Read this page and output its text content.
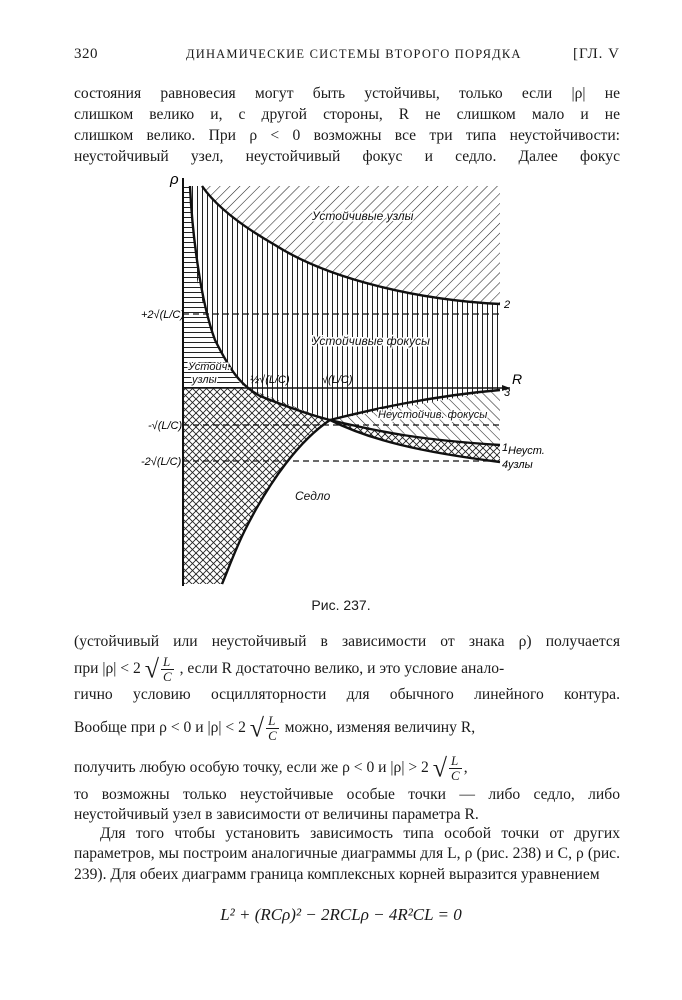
320	ДИНАМИЧЕСКИЕ СИСТЕМЫ ВТОРОГО ПОРЯДКА	[ГЛ. V
состояния равновесия могут быть устойчивы, только если |ρ| не
слишком велико и, с другой стороны, R не слишком мало и не
слишком велико. При ρ < 0 возможны все три типа неустойчивости:
неустойчивый узел, неустойчивый фокус и седло. Далее фокус
ρ
R
+2√(L/C)
-√(L/C)
-2√(L/C)
½√(L/C)	√(L/C)
Устойчивые узлы
Устойчивые фокусы
Устойч.
узлы
Неустойчив. фокусы
Неуст.
узлы
Седло
1
2
3
4
Рис. 237.
(устойчивый или неустойчивый в зависимости от знака ρ) получается
при |ρ| < 2 √ $\frac{L}{C}$ , если R достаточно велико, и это условие анало-
гично условию осцилляторности для обычного линейного контура.
Вообще при ρ < 0 и |ρ| < 2 √ $\frac{L}{C}$ можно, изменяя величину R,
получить любую особую точку, если же ρ < 0 и |ρ| > 2 √ $\frac{L}{C}$ ,
то возможны только неустойчивые особые точки — либо седло, либо
неустойчивый узел в зависимости от величины параметра R.

Для того чтобы установить зависимость типа особой точки от других параметров, мы построим аналогичные диаграммы для L, ρ (рис. 238) и C, ρ (рис. 239). Для обеих диаграмм граница комплексных корней выразится уравнением

L² + (RCρ)² − 2RCLρ − 4R²CL = 0
